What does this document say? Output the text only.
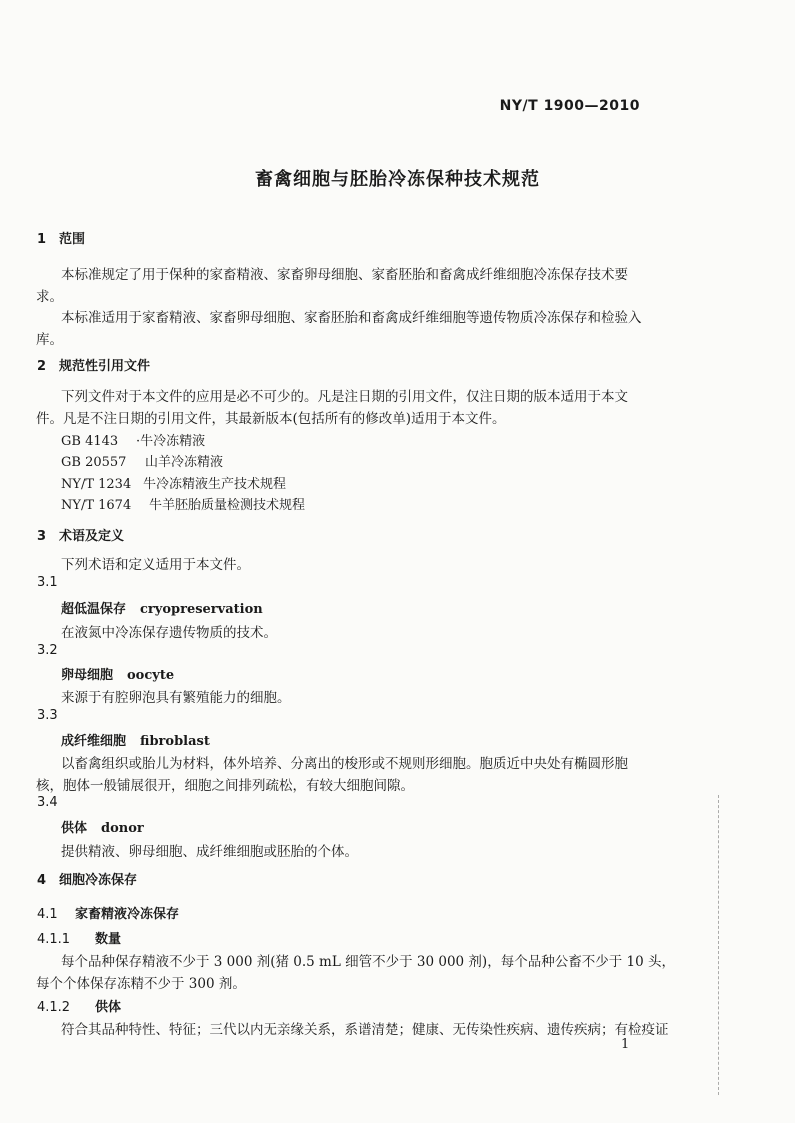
NY/T 1900—2010
畜禽细胞与胚胎冷冻保种技术规范
1 范围
本标准规定了用于保种的家畜精液、家畜卵母细胞、家畜胚胎和畜禽成纤维细胞冷冻保存技术要
求。
本标准适用于家畜精液、家畜卵母细胞、家畜胚胎和畜禽成纤维细胞等遗传物质冷冻保存和检验入
库。
2 规范性引用文件
下列文件对于本文件的应用是必不可少的。凡是注日期的引用文件，仅注日期的版本适用于本文
件。凡是不注日期的引用文件，其最新版本(包括所有的修改单)适用于本文件。
GB 4143 ·牛冷冻精液
GB 20557 山羊冷冻精液
NY/T 1234 牛冷冻精液生产技术规程
NY/T 1674 牛羊胚胎质量检测技术规程
3 术语及定义
下列术语和定义适用于本文件。
3.1
超低温保存 cryopreservation
在液氮中冷冻保存遗传物质的技术。
3.2
卵母细胞 oocyte
来源于有腔卵泡具有繁殖能力的细胞。
3.3
成纤维细胞 fibroblast
以畜禽组织或胎儿为材料，体外培养、分离出的梭形或不规则形细胞。胞质近中央处有椭圆形胞
核，胞体一般铺展很开，细胞之间排列疏松，有较大细胞间隙。
3.4
供体 donor
提供精液、卵母细胞、成纤维细胞或胚胎的个体。
4 细胞冷冻保存
4.1 家畜精液冷冻保存
4.1.1 数量
每个品种保存精液不少于 3 000 剂(猪 0.5 mL 细管不少于 30 000 剂)，每个品种公畜不少于 10 头，
每个个体保存冻精不少于 300 剂。
4.1.2 供体
符合其品种特性、特征；三代以内无亲缘关系，系谱清楚；健康、无传染性疾病、遗传疾病；有检疫证
1
